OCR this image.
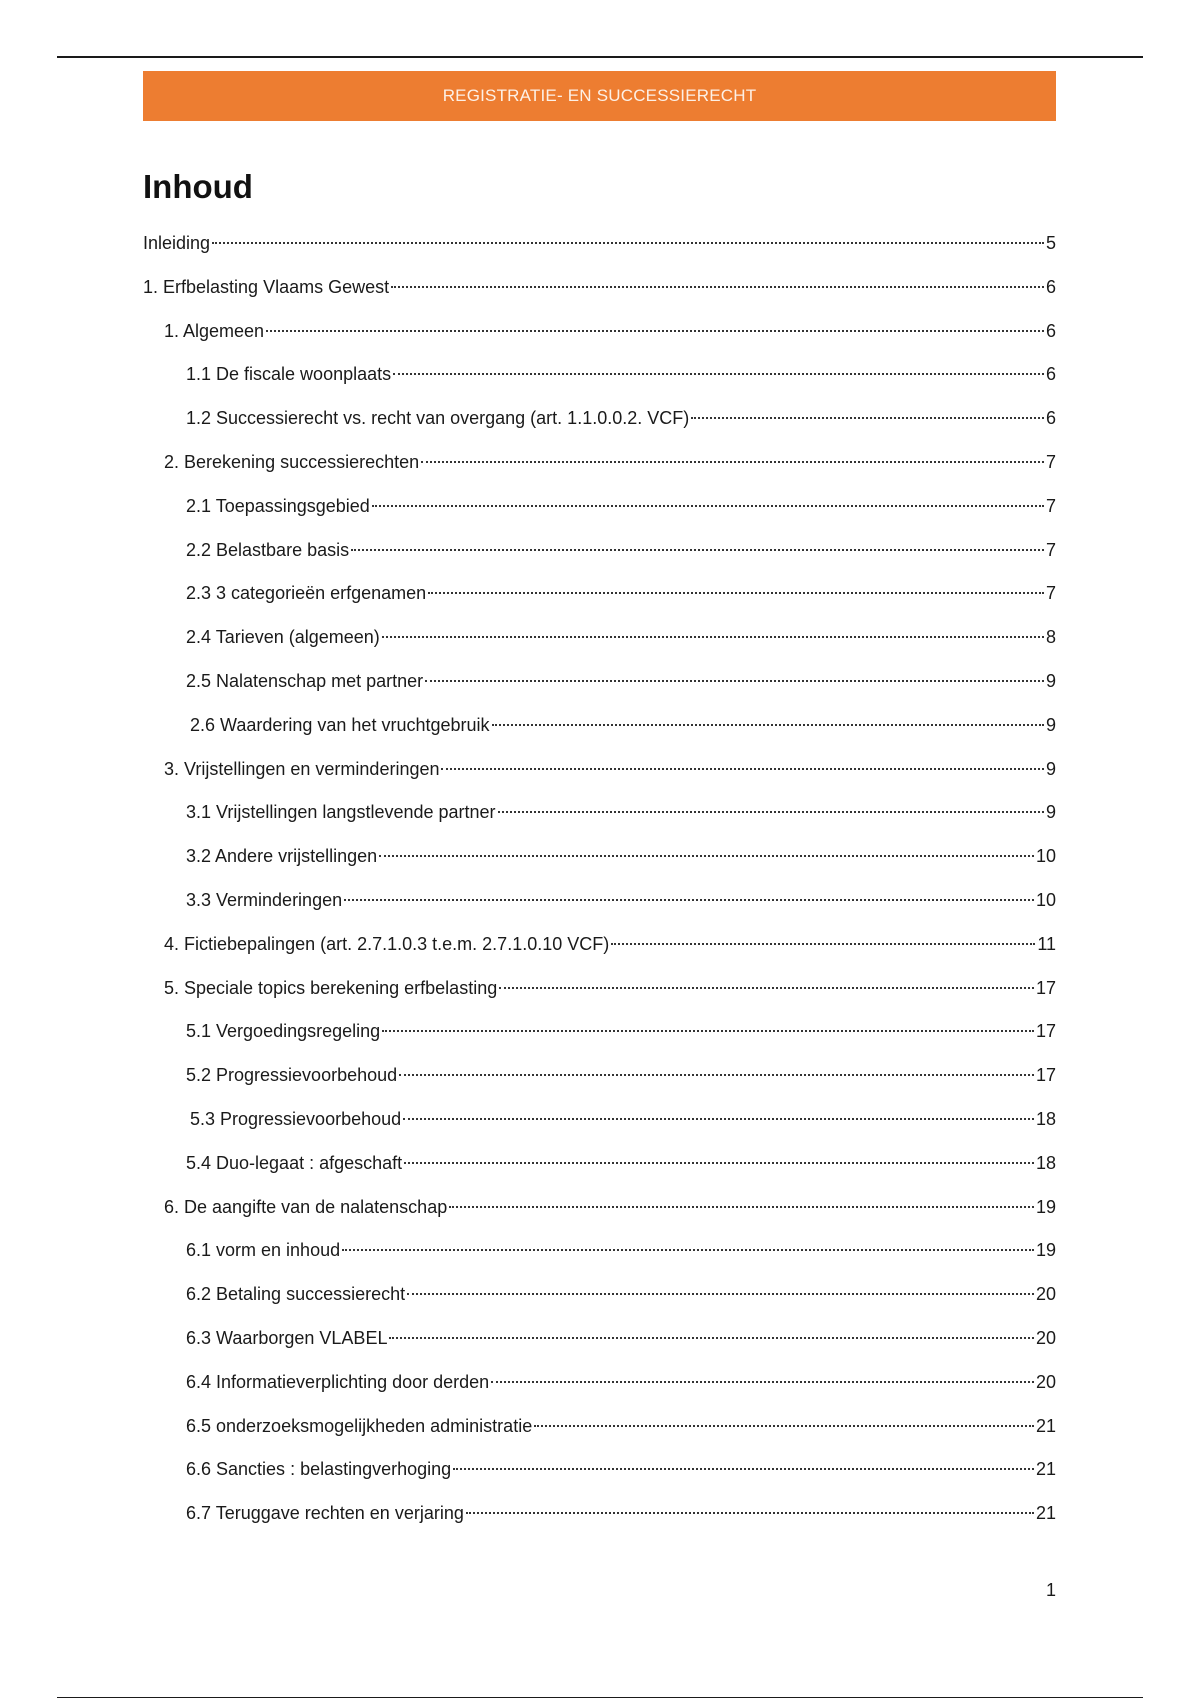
REGISTRATIE- EN SUCCESSIERECHT
Inhoud
Inleiding	5
1. Erfbelasting Vlaams Gewest	6
1. Algemeen	6
1.1 De fiscale woonplaats	6
1.2 Successierecht vs. recht van overgang (art. 1.1.0.0.2. VCF)	6
2. Berekening successierechten	7
2.1 Toepassingsgebied	7
2.2 Belastbare basis	7
2.3 3 categorieën erfgenamen	7
2.4 Tarieven (algemeen)	8
2.5 Nalatenschap met partner	9
2.6 Waardering van het vruchtgebruik	9
3. Vrijstellingen en verminderingen	9
3.1 Vrijstellingen langstlevende partner	9
3.2 Andere vrijstellingen	10
3.3 Verminderingen	10
4. Fictiebepalingen (art. 2.7.1.0.3 t.e.m. 2.7.1.0.10 VCF)	11
5. Speciale topics berekening erfbelasting	17
5.1 Vergoedingsregeling	17
5.2 Progressievoorbehoud	17
5.3 Progressievoorbehoud	18
5.4 Duo-legaat : afgeschaft	18
6. De aangifte van de nalatenschap	19
6.1 vorm en inhoud	19
6.2 Betaling successierecht	20
6.3 Waarborgen VLABEL	20
6.4 Informatieverplichting door derden	20
6.5 onderzoeksmogelijkheden administratie	21
6.6 Sancties : belastingverhoging	21
6.7 Teruggave rechten en verjaring	21
1
